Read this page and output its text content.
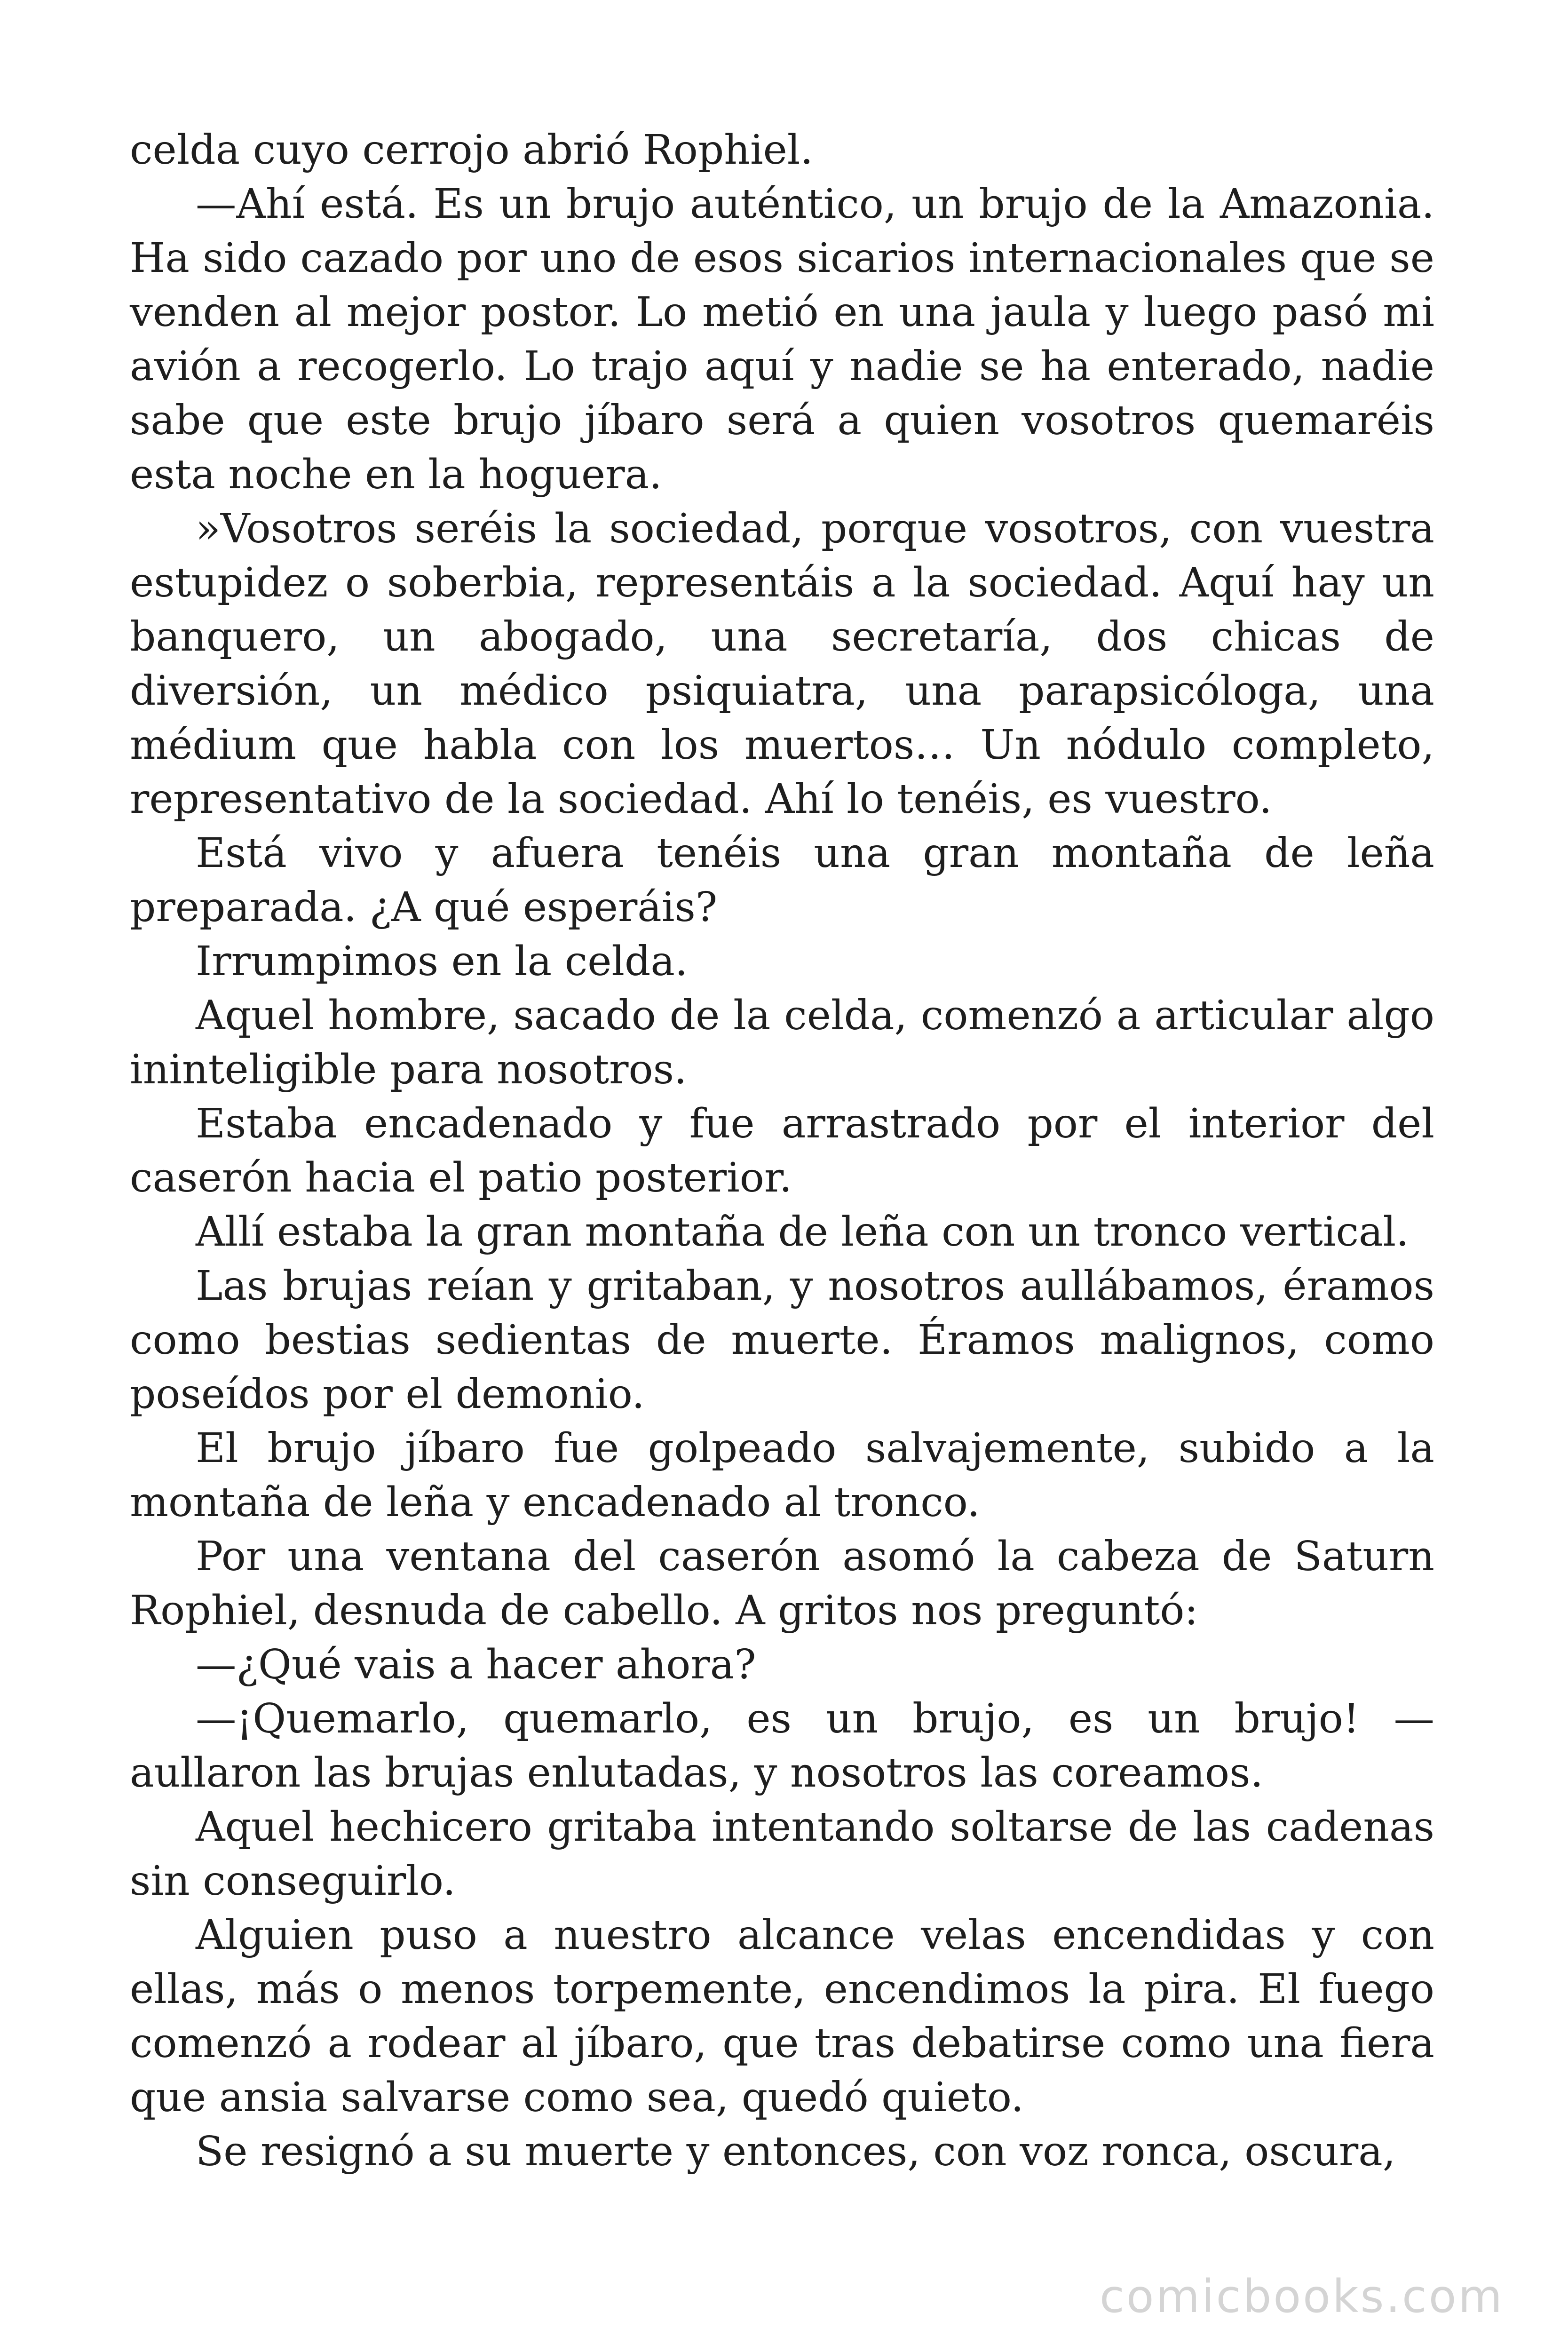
celda cuyo cerrojo abrió Rophiel.

—Ahí está. Es un brujo auténtico, un brujo de la Amazonia. Ha sido cazado por uno de esos sicarios internacionales que se venden al mejor postor. Lo metió en una jaula y luego pasó mi avión a recogerlo. Lo trajo aquí y nadie se ha enterado, nadie sabe que este brujo jíbaro será a quien vosotros quemaréis esta noche en la hoguera.

»Vosotros seréis la sociedad, porque vosotros, con vuestra estupidez o soberbia, representáis a la sociedad. Aquí hay un banquero, un abogado, una secretaría, dos chicas de diversión, un médico psiquiatra, una parapsicóloga, una médium que habla con los muertos… Un nódulo completo, representativo de la sociedad. Ahí lo tenéis, es vuestro.

Está vivo y afuera tenéis una gran montaña de leña preparada. ¿A qué esperáis?

Irrumpimos en la celda.

Aquel hombre, sacado de la celda, comenzó a articular algo ininteligible para nosotros.

Estaba encadenado y fue arrastrado por el interior del caserón hacia el patio posterior.

Allí estaba la gran montaña de leña con un tronco vertical.

Las brujas reían y gritaban, y nosotros aullábamos, éramos como bestias sedientas de muerte. Éramos malignos, como poseídos por el demonio.

El brujo jíbaro fue golpeado salvajemente, subido a la montaña de leña y encadenado al tronco.

Por una ventana del caserón asomó la cabeza de Saturn Rophiel, desnuda de cabello. A gritos nos preguntó:

—¿Qué vais a hacer ahora?

—¡Quemarlo, quemarlo, es un brujo, es un brujo! —aullaron las brujas enlutadas, y nosotros las coreamos.

Aquel hechicero gritaba intentando soltarse de las cadenas sin conseguirlo.

Alguien puso a nuestro alcance velas encendidas y con ellas, más o menos torpemente, encendimos la pira. El fuego comenzó a rodear al jíbaro, que tras debatirse como una fiera que ansia salvarse como sea, quedó quieto.

Se resignó a su muerte y entonces, con voz ronca, oscura,

comicbooks.com
